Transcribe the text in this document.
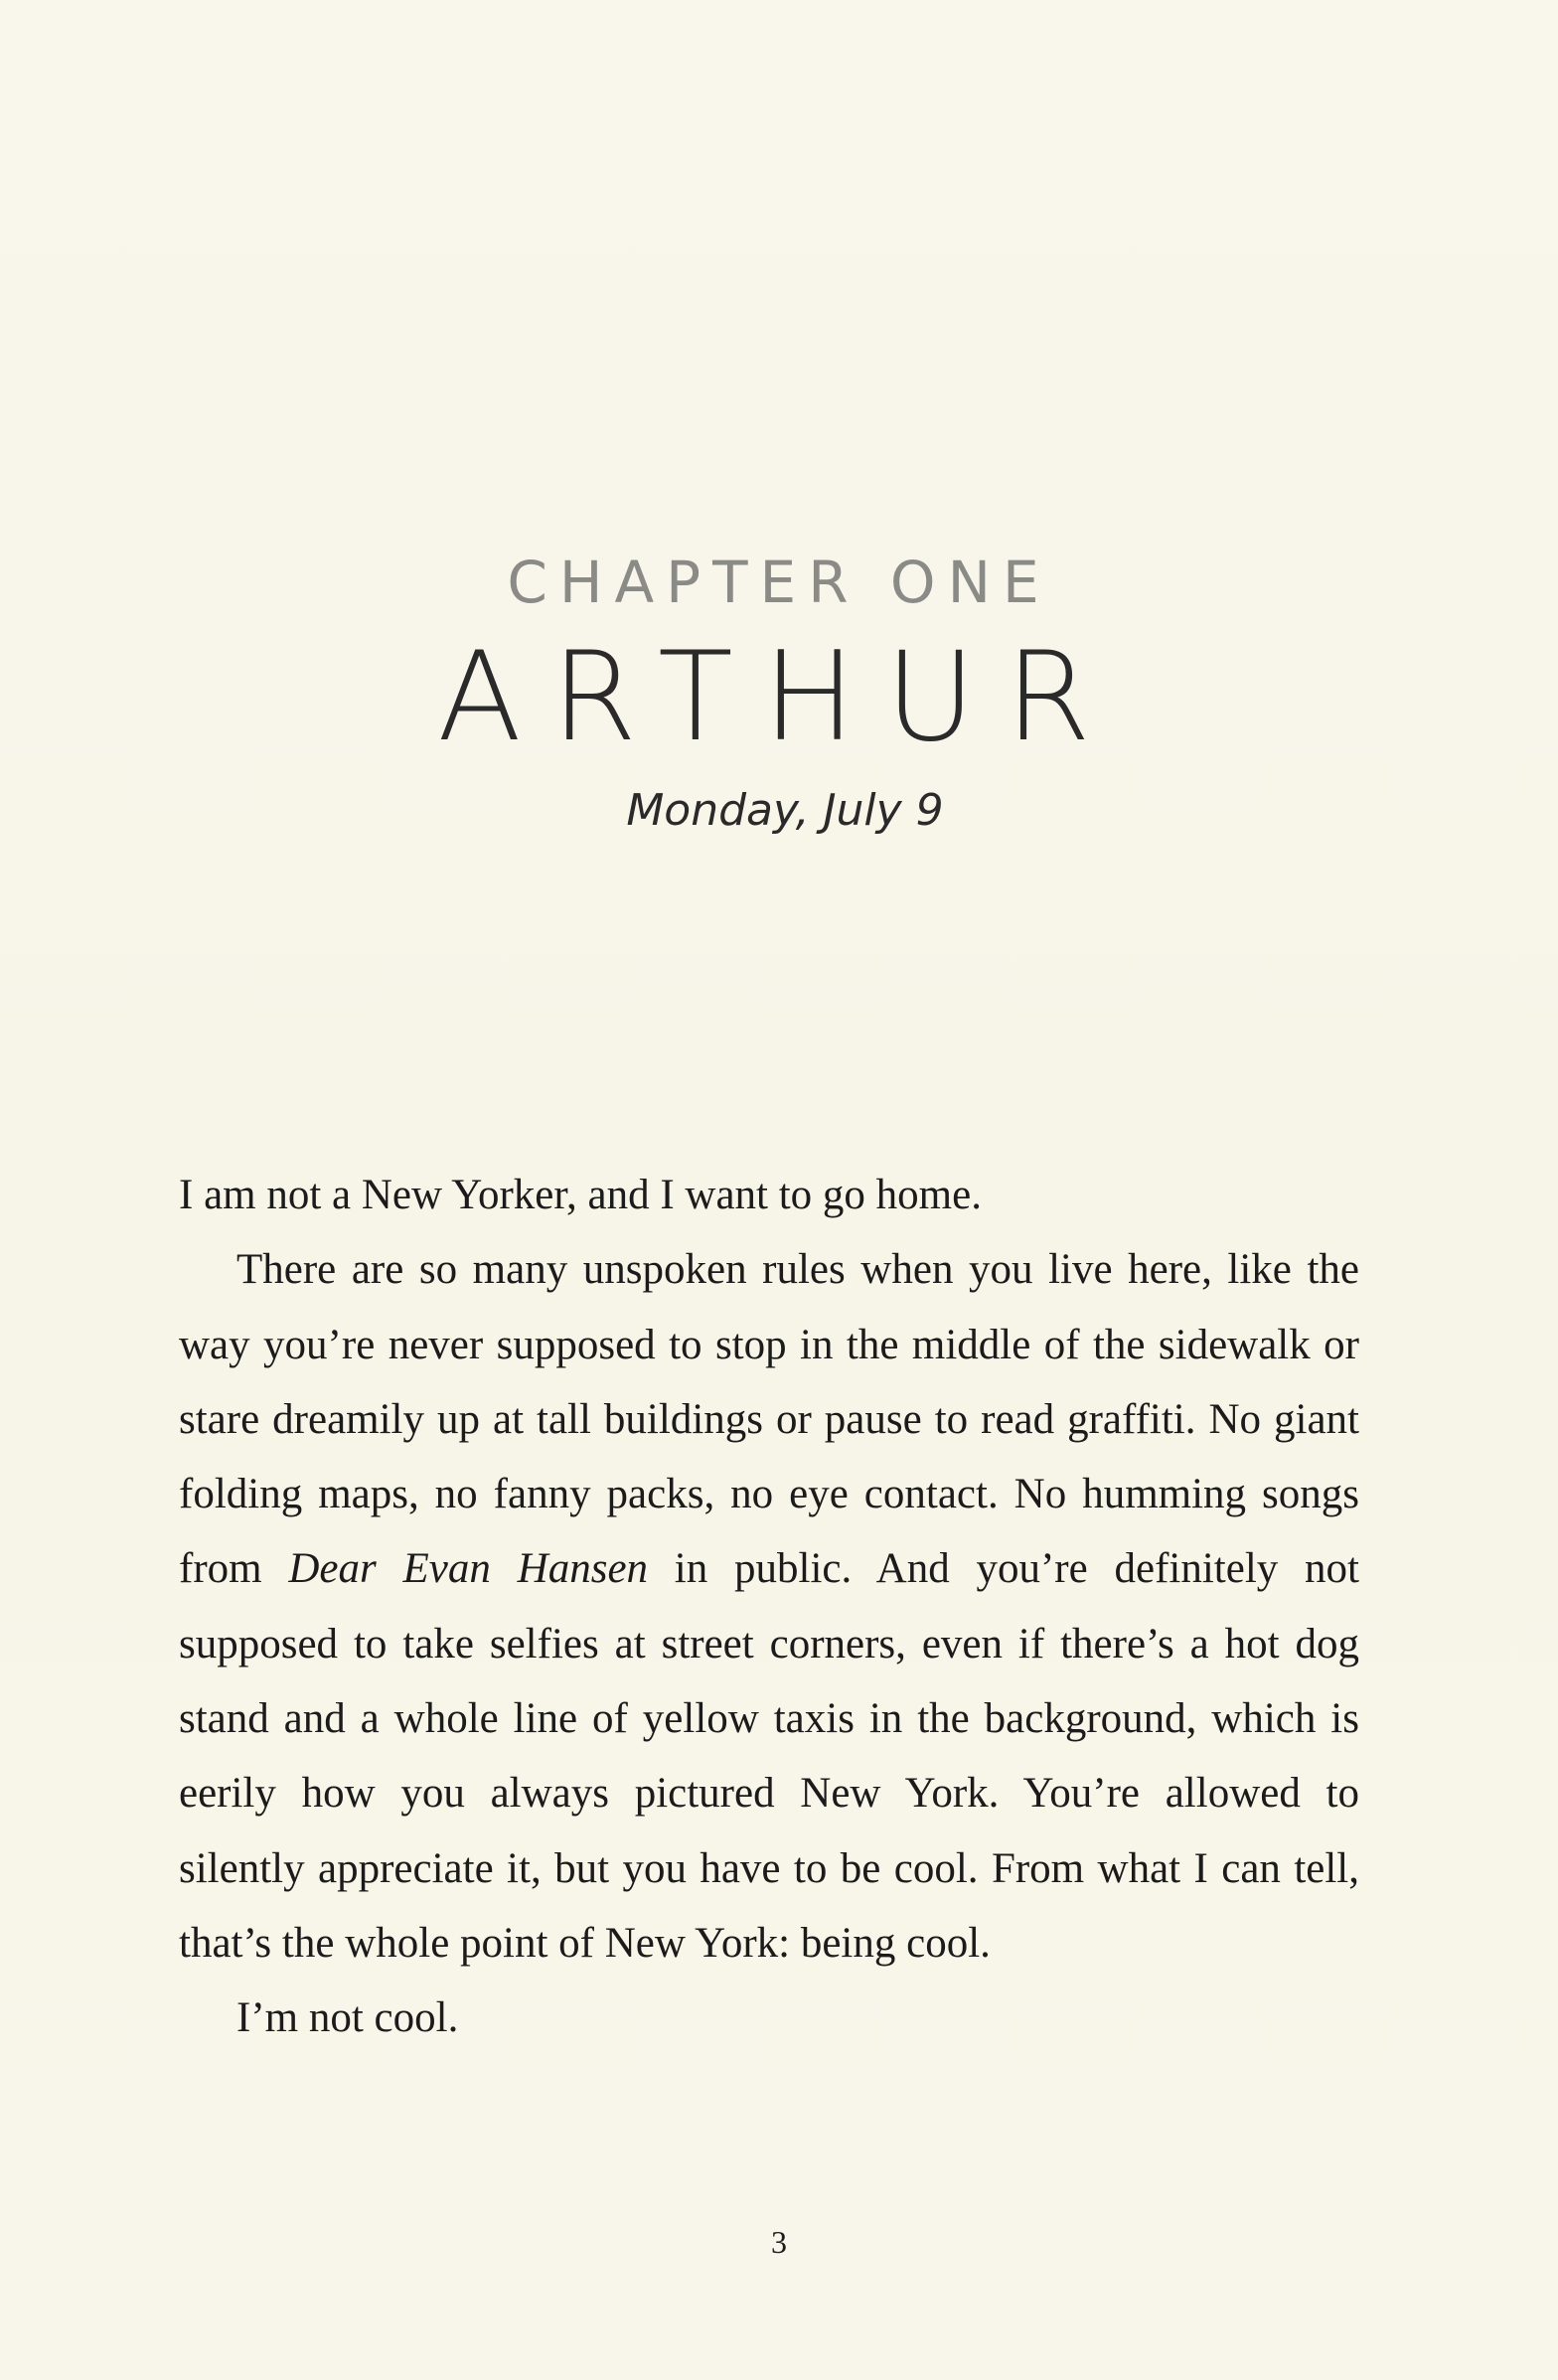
CHAPTER ONE
ARTHUR
Monday, July 9

I am not a New Yorker, and I want to go home.

There are so many unspoken rules when you live here, like the way you’re never supposed to stop in the middle of the sidewalk or stare dreamily up at tall buildings or pause to read graffiti. No giant folding maps, no fanny packs, no eye contact. No humming songs from Dear Evan Hansen in public. And you’re definitely not supposed to take selfies at street corners, even if there’s a hot dog stand and a whole line of yellow taxis in the background, which is eerily how you always pictured New York. You’re allowed to silently appreciate it, but you have to be cool. From what I can tell, that’s the whole point of New York: being cool.

I’m not cool.

3
